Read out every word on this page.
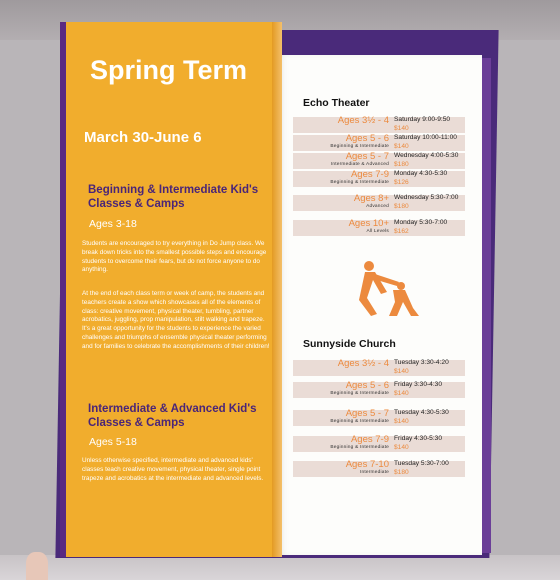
Spring Term
March 30-June 6
Beginning & Intermediate Kid's Classes & Camps
Ages 3-18
Students are encouraged to try everything in Do Jump class. We break down tricks into the smallest possible steps and encourage students to overcome their fears, but do not force anyone to do anything.
At the end of each class term or week of camp, the students and teachers create a show which showcases all of the elements of class: creative movement, physical theater, tumbling, partner acrobatics, juggling, prop manipulation, stilt walking and trapeze. It's a great opportunity for the students to experience the varied challenges and triumphs of ensemble physical theater performing and for families to celebrate the accomplishments of their children!
Intermediate & Advanced Kid's Classes & Camps
Ages 5-18
Unless otherwise specified, intermediate and advanced kids' classes teach creative movement, physical theater, single point trapeze and acrobatics at the intermediate and advanced levels.
Echo Theater
Ages 3½ - 4 Saturday 9:00-9:50
$140
Ages 5 - 6
Beginning & Intermediate
Saturday 10:00-11:00
$140
Ages 5 - 7
Intermediate & Advanced
Wednesday 4:00-5:30
$180
Ages 7-9
Beginning & Intermediate
Monday 4:30-5:30
$126
Ages 8+
Advanced
Wednesday 5:30-7:00
$180
Ages 10+
All Levels
Monday 5:30-7:00
$162
Sunnyside Church
Ages 3½ - 4 Tuesday 3:30-4:20
$140
Ages 5 - 6
Beginning & Intermediate
Friday 3:30-4:30
$140
Ages 5 - 7
Beginning & Intermediate
Tuesday 4:30-5:30
$140
Ages 7-9
Beginning & Intermediate
Friday 4:30-5:30
$140
Ages 7-10
Intermediate
Tuesday 5:30-7:00
$180
